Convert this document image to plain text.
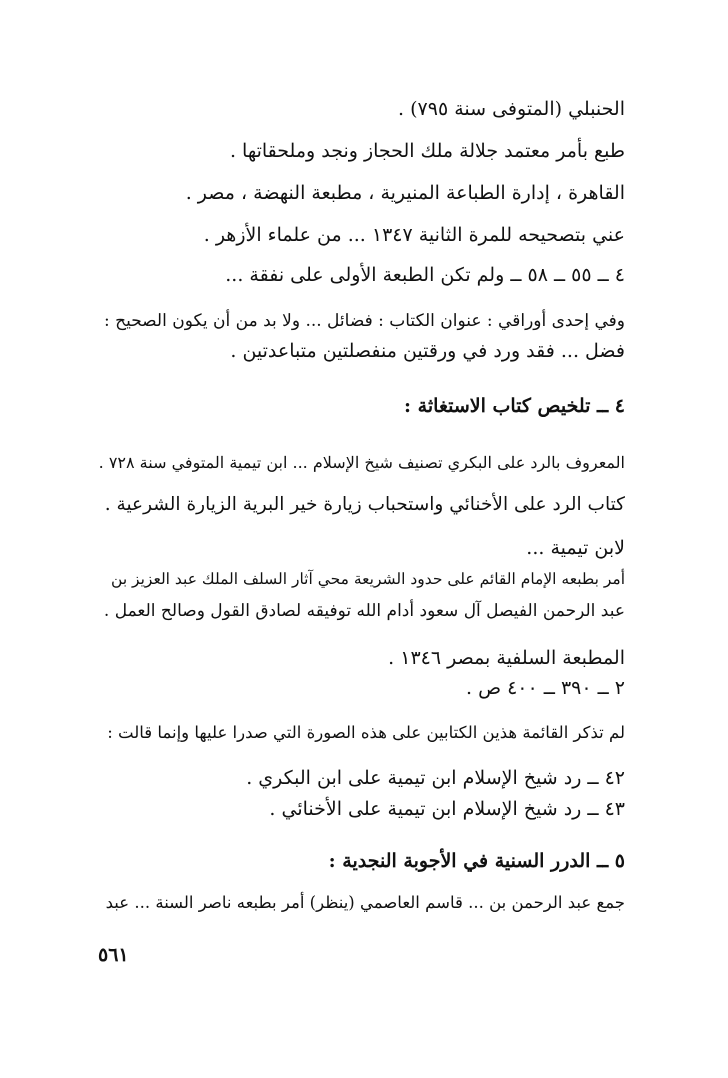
الحنبلي (المتوفى سنة ٧٩٥) .
طبع بأمر معتمد جلالة ملك الحجاز ونجد وملحقاتها .
القاهرة ، إدارة الطباعة المنيرية ، مطبعة النهضة ، مصر .
عني بتصحيحه للمرة الثانية ١٣٤٧ ... من علماء الأزهر .
٤ ــ ٥٥ ــ ٥٨ ــ ولم تكن الطبعة الأولى على نفقة ...
وفي إحدى أوراقي : عنوان الكتاب : فضائل ... ولا بد من أن يكون الصحيح :
فضل ... فقد ورد في ورقتين منفصلتين متباعدتين .
٤ ــ تلخيص كتاب الاستغاثة :
المعروف بالرد على البكري تصنيف شيخ الإسلام ... ابن تيمية المتوفي سنة ٧٢٨ .
كتاب الرد على الأخنائي واستحباب زيارة خير البرية الزيارة الشرعية .
لابن تيمية ...
أمر بطبعه الإمام القائم على حدود الشريعة محي آثار السلف الملك عبد العزيز بن
عبد الرحمن الفيصل آل سعود أدام الله توفيقه لصادق القول وصالح العمل .
المطبعة السلفية بمصر ١٣٤٦ .
٢ ــ ٣٩٠ ــ ٤٠٠ ص .
لم تذكر القائمة هذين الكتابين على هذه الصورة التي صدرا عليها وإنما قالت :
٤٢ ــ رد شيخ الإسلام ابن تيمية على ابن البكري .
٤٣ ــ رد شيخ الإسلام ابن تيمية على الأخنائي .
٥ ــ الدرر السنية في الأجوبة النجدية :
جمع عبد الرحمن بن ... قاسم العاصمي (ينظر) أمر بطبعه ناصر السنة ... عبد
٥٦١
